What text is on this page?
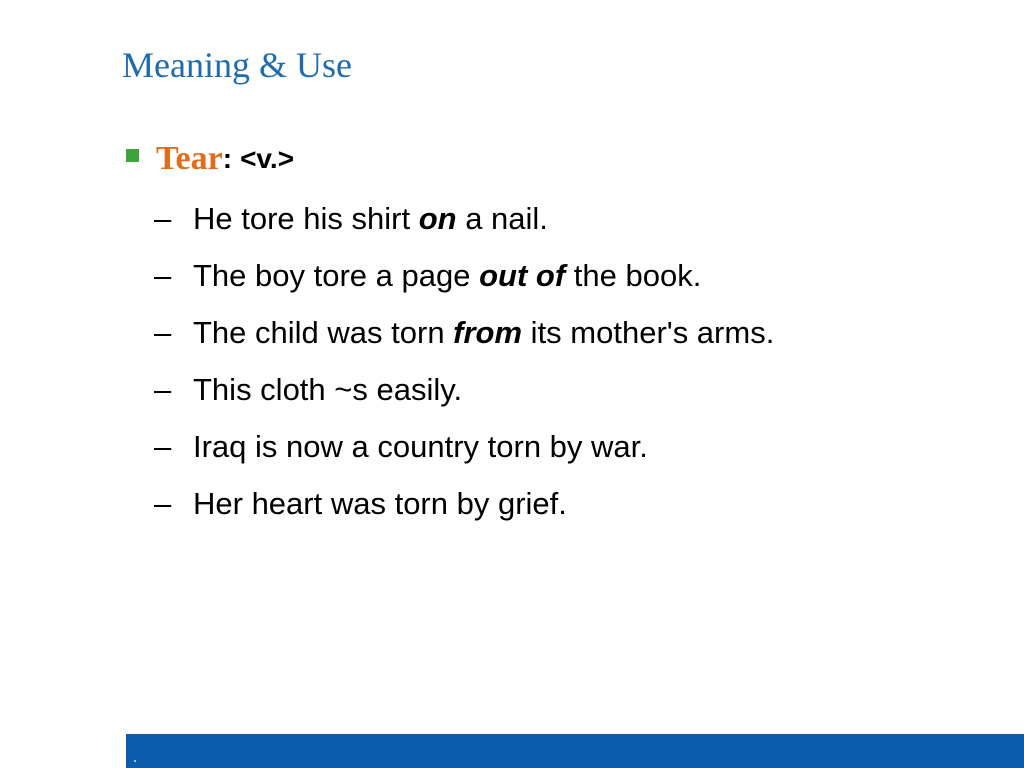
Meaning & Use
Tear : <v.>
– He tore his shirt on a nail.
– The boy tore a page out of the book.
– The child was torn from its mother's arms.
– This cloth ~s easily.
– Iraq is now a country torn by war.
– Her heart was torn by grief.
